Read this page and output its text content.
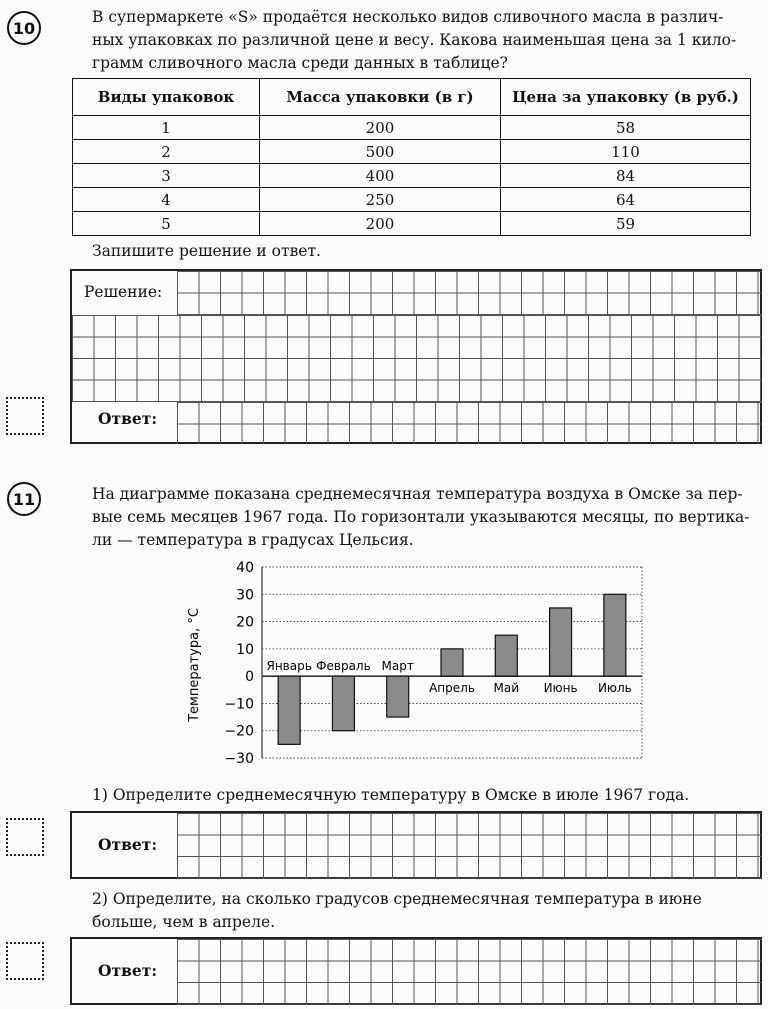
10
В супермаркете «S» продаётся несколько видов сливочного масла в различ-
ных упаковках по различной цене и весу. Какова наименьшая цена за 1 кило-
грамм сливочного масла среди данных в таблице?
Виды упаковок	Масса упаковки (в г)	Цена за упаковку (в руб.)
1	200	58
2	500	110
3	400	84
4	250	64
5	200	59
Запишите решение и ответ.
Решение:
Ответ:
11	На диаграмме показана среднемесячная температура воздуха в Омске за пер-
вые семь месяцев 1967 года. По горизонтали указываются месяцы, по вертика-
ли — температура в градусах Цельсия.
40
30
20
10
0
−10
−20
−30
Январь Февраль Март
Апрель Май Июнь Июль
Температура, °С
1) Определите среднемесячную температуру в Омске в июле 1967 года.
Ответ:
2) Определите, на сколько градусов среднемесячная температура в июне
больше, чем в апреле.
Ответ:
